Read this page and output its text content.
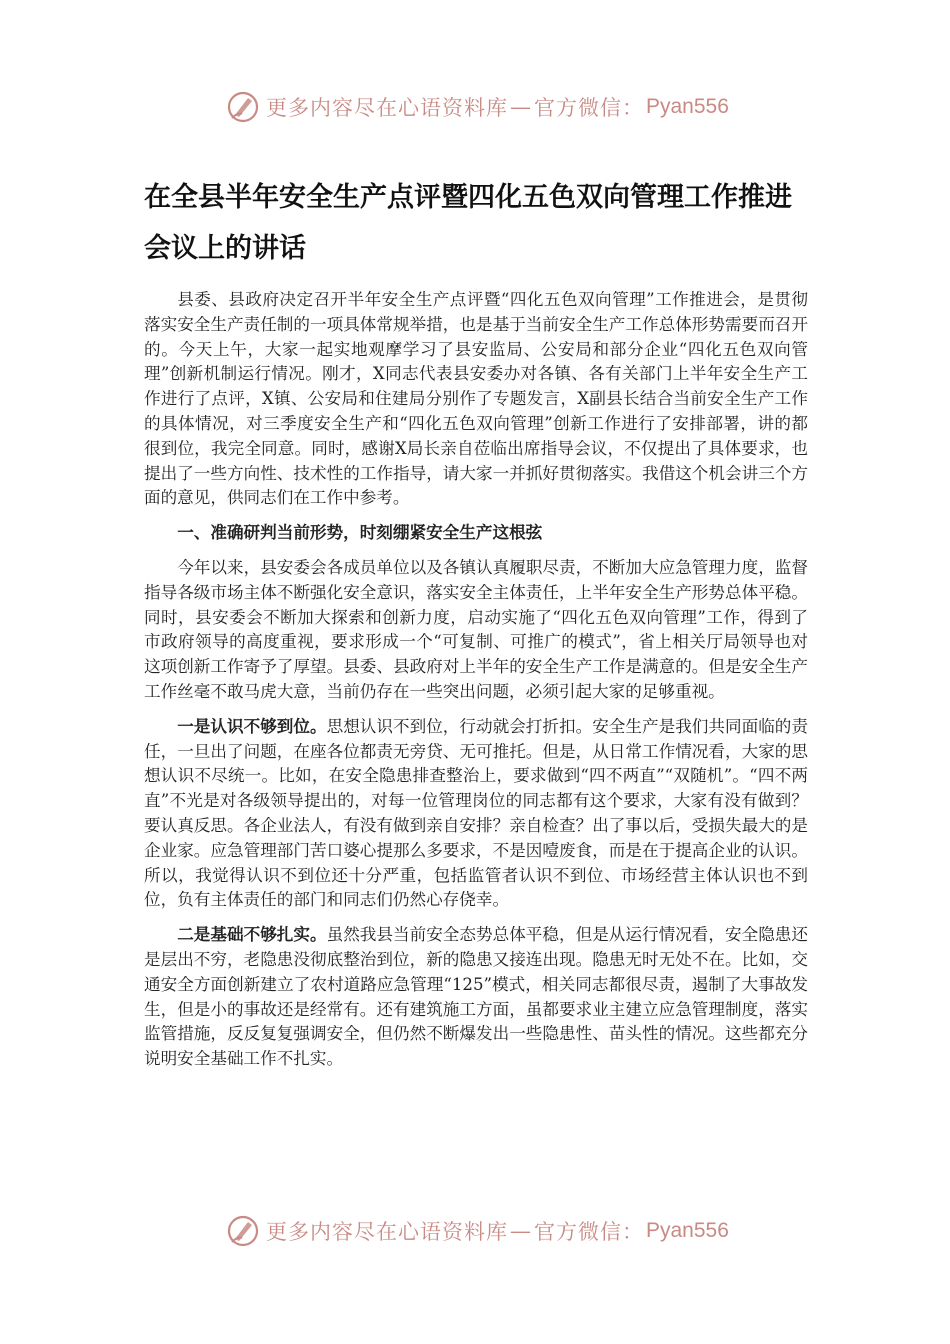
更多内容尽在心语资料库 — 官方微信： Pyan556
在全县半年安全生产点评暨四化五色双向管理工作推进会议上的讲话

县委、县政府决定召开半年安全生产点评暨“四化五色双向管理”工作推进会，是贯彻落实安全生产责任制的一项具体常规举措，也是基于当前安全生产工作总体形势需要而召开的。今天上午，大家一起实地观摩学习了县安监局、公安局和部分企业“四化五色双向管理”创新机制运行情况。刚才，X同志代表县安委办对各镇、各有关部门上半年安全生产工作进行了点评，X镇、公安局和住建局分别作了专题发言，X副县长结合当前安全生产工作的具体情况，对三季度安全生产和“四化五色双向管理”创新工作进行了安排部署，讲的都很到位，我完全同意。同时，感谢X局长亲自莅临出席指导会议，不仅提出了具体要求，也提出了一些方向性、技术性的工作指导，请大家一并抓好贯彻落实。我借这个机会讲三个方面的意见，供同志们在工作中参考。

一、准确研判当前形势，时刻绷紧安全生产这根弦

今年以来，县安委会各成员单位以及各镇认真履职尽责，不断加大应急管理力度，监督指导各级市场主体不断强化安全意识，落实安全主体责任，上半年安全生产形势总体平稳。同时，县安委会不断加大探索和创新力度，启动实施了“四化五色双向管理”工作，得到了市政府领导的高度重视，要求形成一个“可复制、可推广的模式”，省上相关厅局领导也对这项创新工作寄予了厚望。县委、县政府对上半年的安全生产工作是满意的。但是安全生产工作丝毫不敢马虎大意，当前仍存在一些突出问题，必须引起大家的足够重视。

一是认识不够到位。思想认识不到位，行动就会打折扣。安全生产是我们共同面临的责任，一旦出了问题，在座各位都责无旁贷、无可推托。但是，从日常工作情况看，大家的思想认识不尽统一。比如，在安全隐患排查整治上，要求做到“四不两直”“双随机”。“四不两直”不光是对各级领导提出的，对每一位管理岗位的同志都有这个要求，大家有没有做到？要认真反思。各企业法人，有没有做到亲自安排？亲自检查？出了事以后，受损失最大的是企业家。应急管理部门苦口婆心提那么多要求，不是因噎废食，而是在于提高企业的认识。所以，我觉得认识不到位还十分严重，包括监管者认识不到位、市场经营主体认识也不到位，负有主体责任的部门和同志们仍然心存侥幸。

二是基础不够扎实。虽然我县当前安全态势总体平稳，但是从运行情况看，安全隐患还是层出不穷，老隐患没彻底整治到位，新的隐患又接连出现。隐患无时无处不在。比如，交通安全方面创新建立了农村道路应急管理“125”模式，相关同志都很尽责，遏制了大事故发生，但是小的事故还是经常有。还有建筑施工方面，虽都要求业主建立应急管理制度，落实监管措施，反反复复强调安全，但仍然不断爆发出一些隐患性、苗头性的情况。这些都充分说明安全基础工作不扎实。

更多内容尽在心语资料库 — 官方微信： Pyan556
